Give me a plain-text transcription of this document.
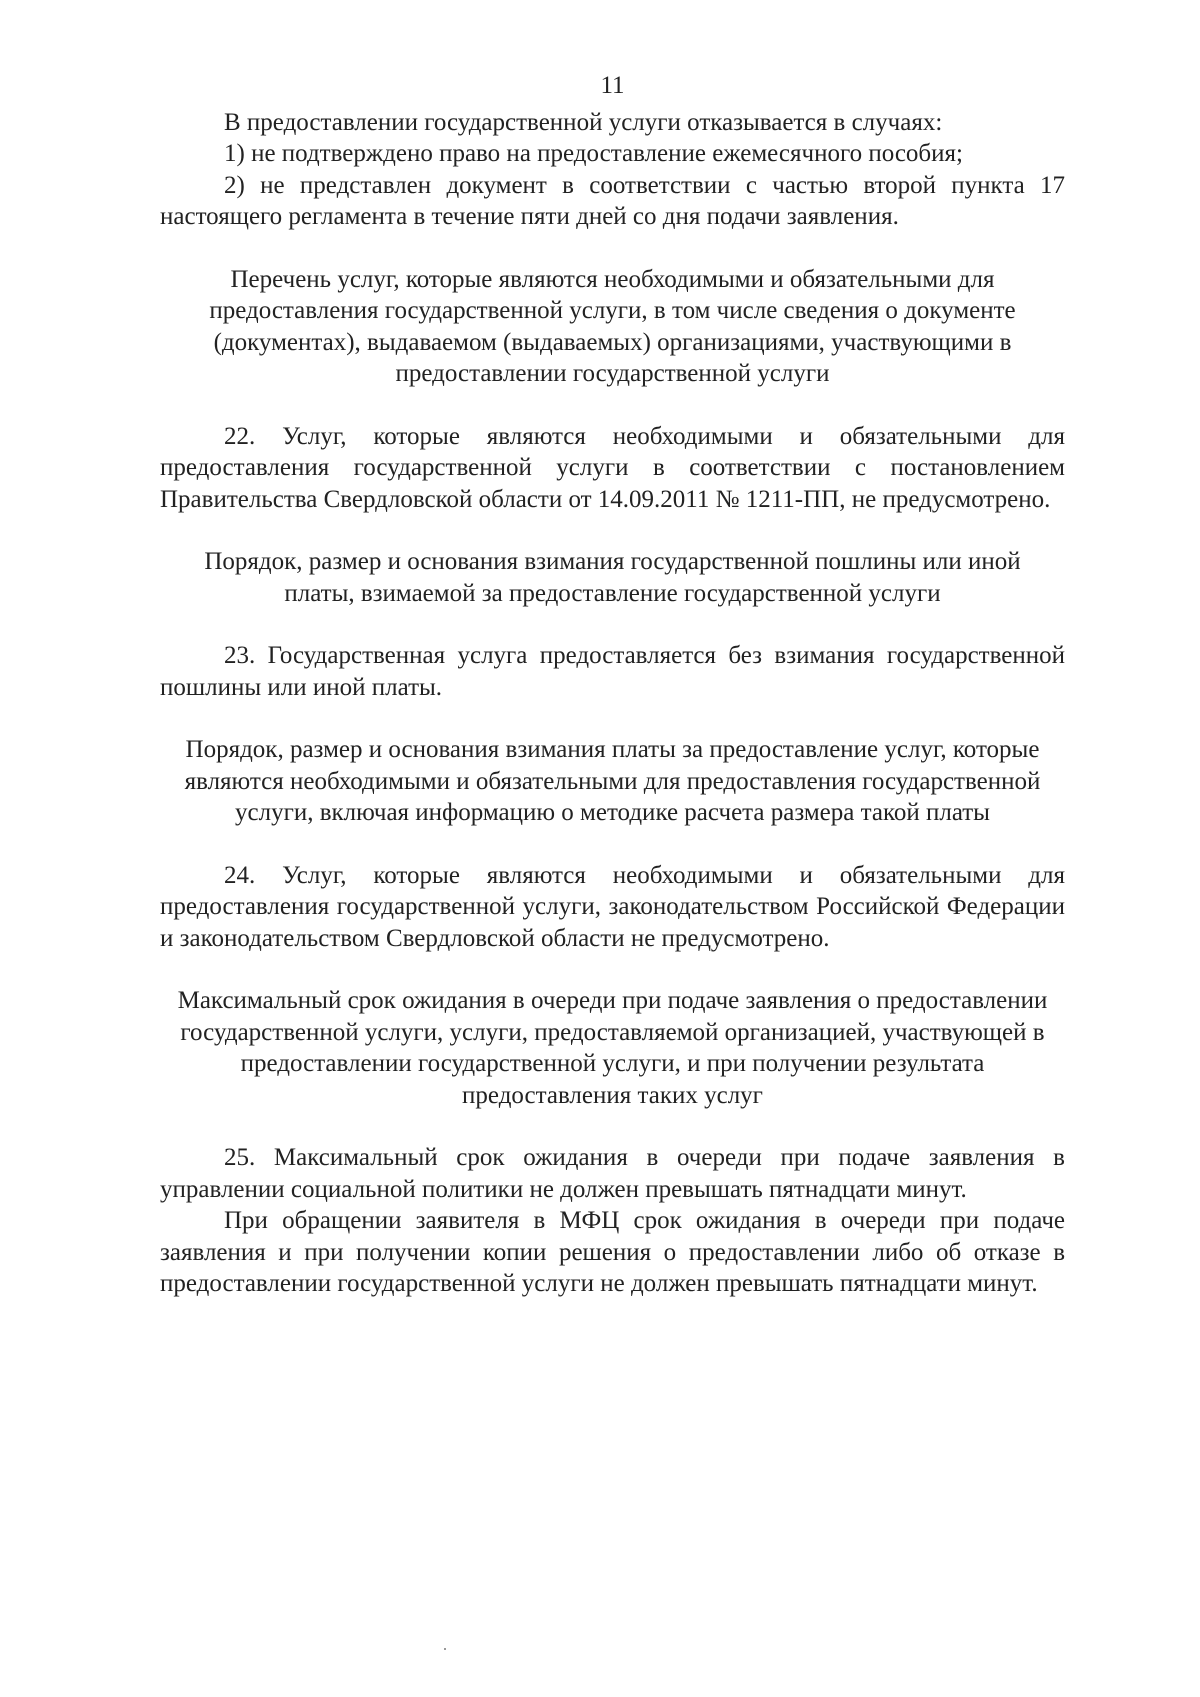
11

В предоставлении государственной услуги отказывается в случаях:

1) не подтверждено право на предоставление ежемесячного пособия;

2) не представлен документ в соответствии с частью второй пункта 17 настоящего регламента в течение пяти дней со дня подачи заявления.

Перечень услуг, которые являются необходимыми и обязательными для предоставления государственной услуги, в том числе сведения о документе (документах), выдаваемом (выдаваемых) организациями, участвующими в предоставлении государственной услуги

22. Услуг, которые являются необходимыми и обязательными для предоставления государственной услуги в соответствии с постановлением Правительства Свердловской области от 14.09.2011 № 1211-ПП, не предусмотрено.

Порядок, размер и основания взимания государственной пошлины или иной платы, взимаемой за предоставление государственной услуги

23. Государственная услуга предоставляется без взимания государственной пошлины или иной платы.

Порядок, размер и основания взимания платы за предоставление услуг, которые являются необходимыми и обязательными для предоставления государственной услуги, включая информацию о методике расчета размера такой платы

24. Услуг, которые являются необходимыми и обязательными для предоставления государственной услуги, законодательством Российской Федерации и законодательством Свердловской области не предусмотрено.

Максимальный срок ожидания в очереди при подаче заявления о предоставлении государственной услуги, услуги, предоставляемой организацией, участвующей в предоставлении государственной услуги, и при получении результата предоставления таких услуг

25. Максимальный срок ожидания в очереди при подаче заявления в управлении социальной политики не должен превышать пятнадцати минут.

При обращении заявителя в МФЦ срок ожидания в очереди при подаче заявления и при получении копии решения о предоставлении либо об отказе в предоставлении государственной услуги не должен превышать пятнадцати минут.
